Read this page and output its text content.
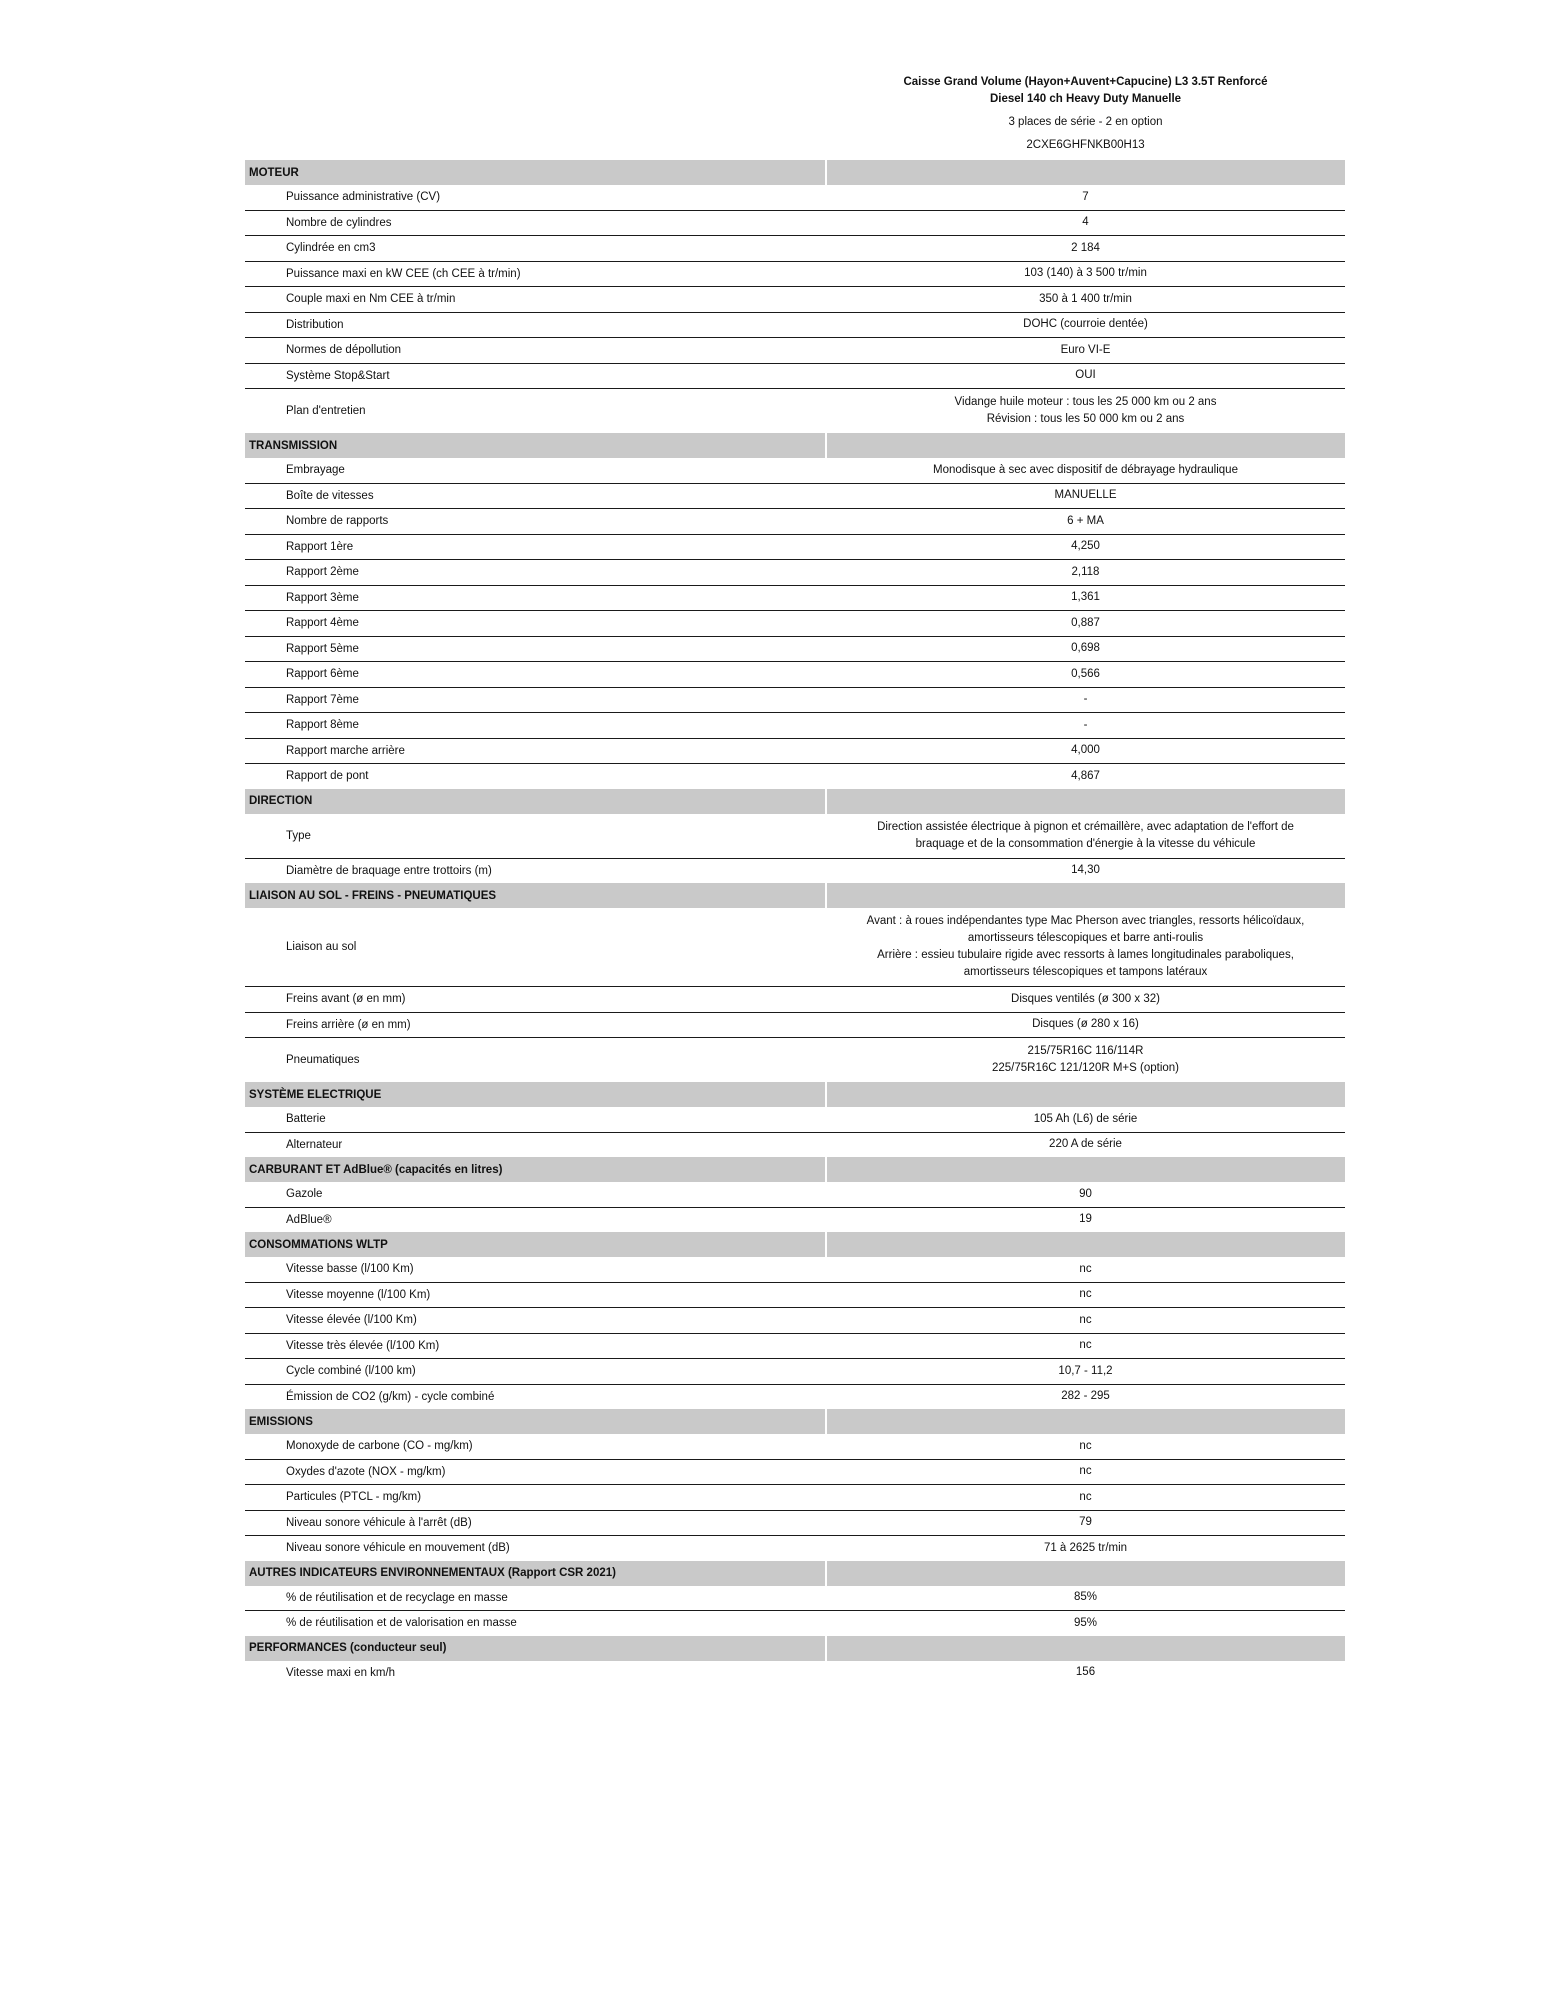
Caisse Grand Volume (Hayon+Auvent+Capucine) L3 3.5T Renforcé
Diesel 140 ch Heavy Duty Manuelle
3 places de série - 2 en option
2CXE6GHFNKB00H13
MOTEUR	
Puissance administrative (CV)	7
Nombre de cylindres	4
Cylindrée en cm3	2 184
Puissance maxi en kW CEE (ch CEE à tr/min)	103 (140) à 3 500 tr/min
Couple maxi en Nm CEE à tr/min	350 à 1 400 tr/min
Distribution	DOHC (courroie dentée)
Normes de dépollution	Euro VI-E
Système Stop&Start	OUI
Plan d'entretien	Vidange huile moteur : tous les 25 000 km ou 2 ans
Révision : tous les 50 000 km ou 2 ans
TRANSMISSION	
Embrayage	Monodisque à sec avec dispositif de débrayage hydraulique
Boîte de vitesses	MANUELLE
Nombre de rapports	6 + MA
Rapport 1ère	4,250
Rapport 2ème	2,118
Rapport 3ème	1,361
Rapport 4ème	0,887
Rapport 5ème	0,698
Rapport 6ème	0,566
Rapport 7ème	-
Rapport 8ème	-
Rapport marche arrière	4,000
Rapport de pont	4,867
DIRECTION	
Type	Direction assistée électrique à pignon et crémaillère, avec adaptation de l'effort de
braquage et de la consommation d'énergie à la vitesse du véhicule
Diamètre de braquage entre trottoirs (m)	14,30
LIAISON AU SOL - FREINS - PNEUMATIQUES	
Liaison au sol	Avant : à roues indépendantes type Mac Pherson avec triangles, ressorts hélicoïdaux,
amortisseurs télescopiques et barre anti-roulis
Arrière : essieu tubulaire rigide avec ressorts à lames longitudinales paraboliques,
amortisseurs télescopiques et tampons latéraux
Freins avant (ø en mm)	Disques ventilés (ø 300 x 32)
Freins arrière (ø en mm)	Disques (ø 280 x 16)
Pneumatiques	215/75R16C 116/114R
225/75R16C 121/120R M+S (option)
SYSTÈME ELECTRIQUE	
Batterie	105 Ah (L6) de série
Alternateur	220 A de série
CARBURANT ET AdBlue® (capacités en litres)	
Gazole	90
AdBlue®	19
CONSOMMATIONS WLTP	
Vitesse basse (l/100 Km)	nc
Vitesse moyenne (l/100 Km)	nc
Vitesse élevée (l/100 Km)	nc
Vitesse très élevée (l/100 Km)	nc
Cycle combiné (l/100 km)	10,7 - 11,2
Émission de CO2 (g/km) - cycle combiné	282 - 295
EMISSIONS	
Monoxyde de carbone (CO - mg/km)	nc
Oxydes d'azote (NOX - mg/km)	nc
Particules (PTCL - mg/km)	nc
Niveau sonore véhicule à l'arrêt (dB)	79
Niveau sonore véhicule en mouvement (dB)	71 à 2625 tr/min
AUTRES INDICATEURS ENVIRONNEMENTAUX (Rapport CSR 2021)	
% de réutilisation et de recyclage en masse	85%
% de réutilisation et de valorisation en masse	95%
PERFORMANCES (conducteur seul)	
Vitesse maxi en km/h	156
